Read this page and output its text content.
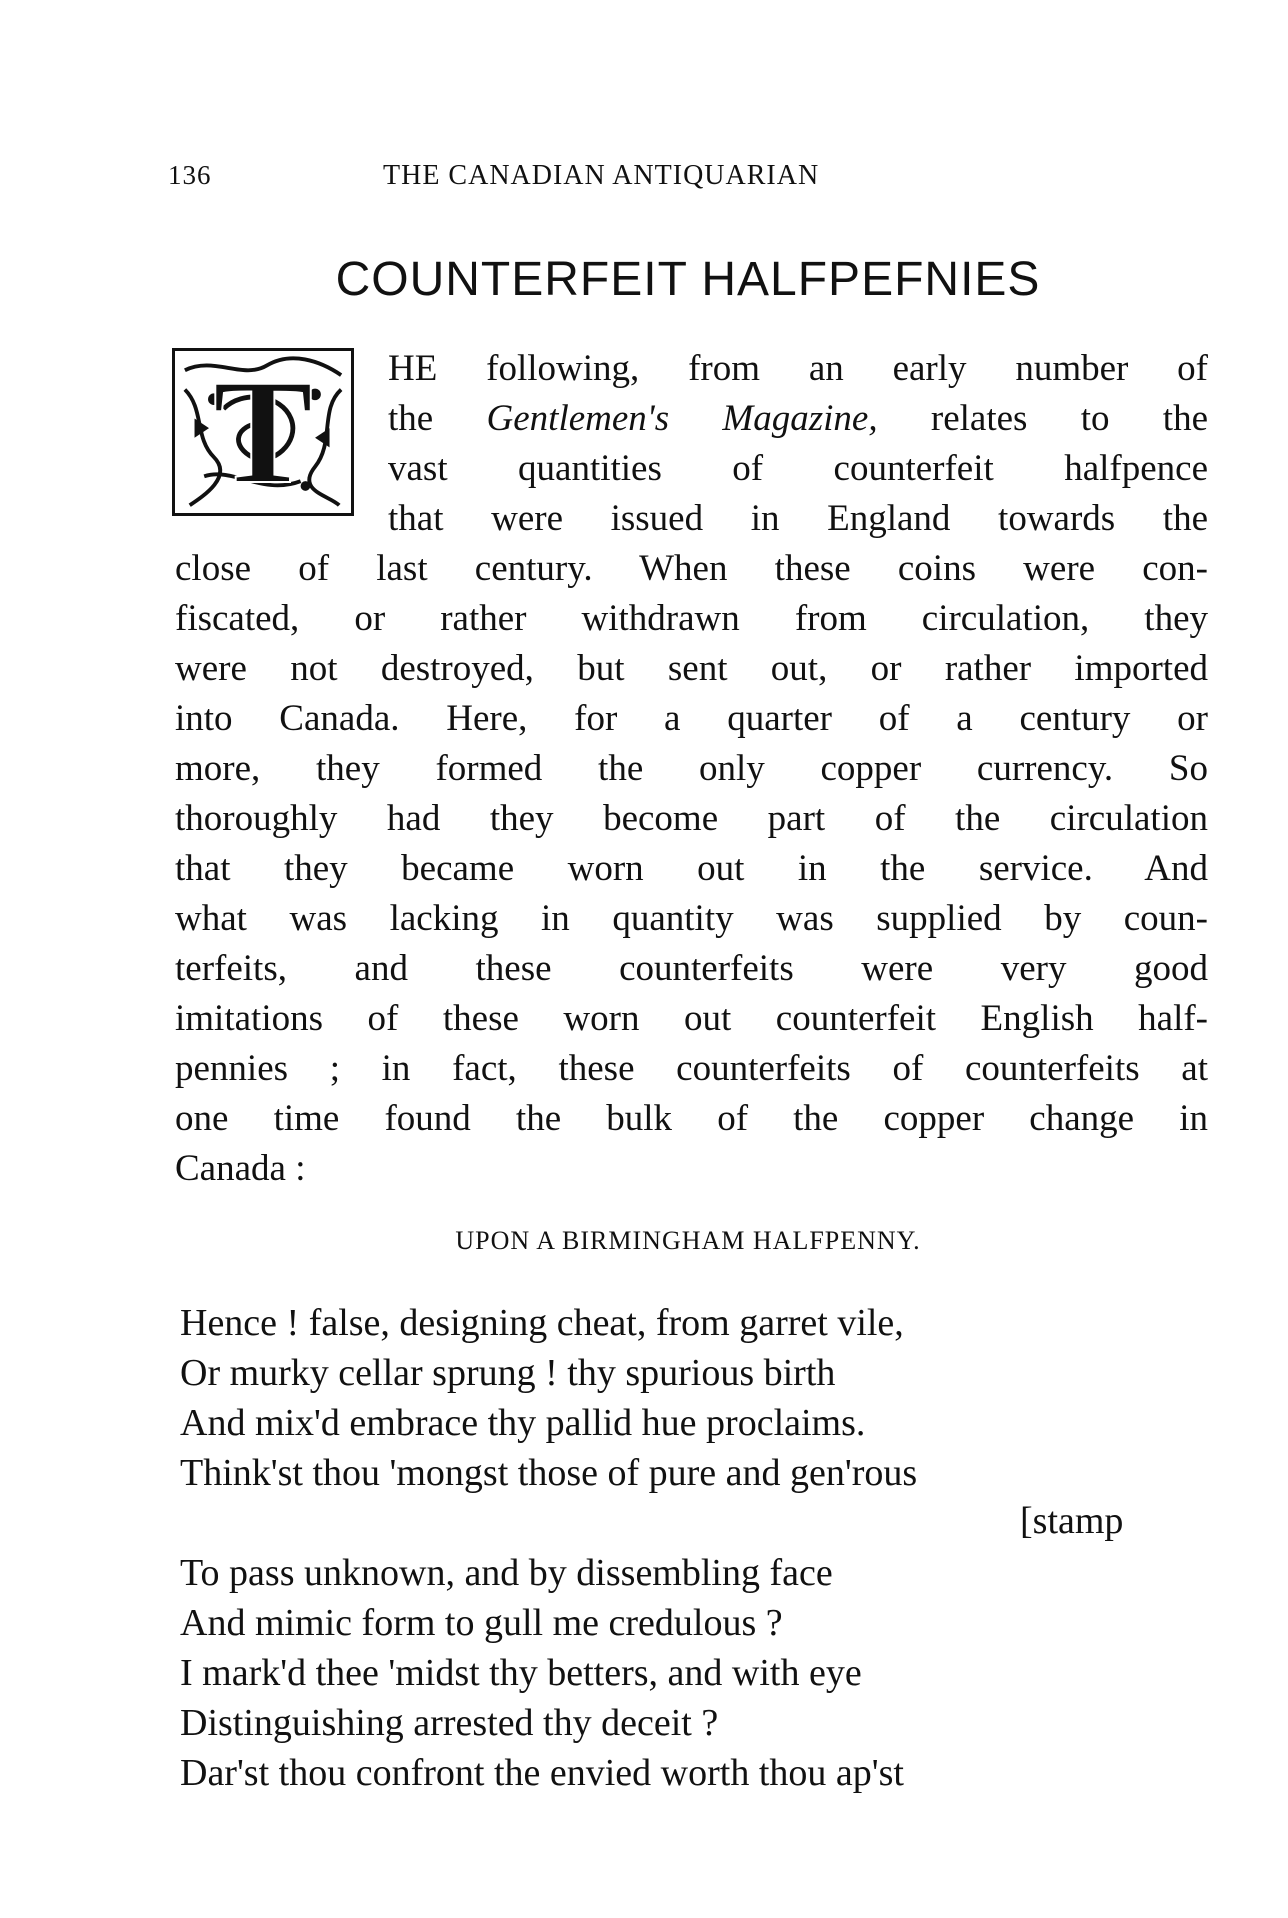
136	THE CANADIAN ANTIQUARIAN
COUNTERFEIT HALFPEFNIES
T	HE following, from an early number of
the Gentlemen's Magazine, relates to the
vast quantities of counterfeit halfpence
that were issued in England towards the
close of last century. When these coins were con-
fiscated, or rather withdrawn from circulation, they
were not destroyed, but sent out, or rather imported
into Canada. Here, for a quarter of a century or
more, they formed the only copper currency. So
thoroughly had they become part of the circulation
that they became worn out in the service. And
what was lacking in quantity was supplied by coun-
terfeits, and these counterfeits were very good
imitations of these worn out counterfeit English half-
pennies ; in fact, these counterfeits of counterfeits at
one time found the bulk of the copper change in
Canada :
UPON A BIRMINGHAM HALFPENNY.
Hence ! false, designing cheat, from garret vile,
Or murky cellar sprung ! thy spurious birth
And mix'd embrace thy pallid hue proclaims.
Think'st thou 'mongst those of pure and gen'rous
[stamp
To pass unknown, and by dissembling face
And mimic form to gull me credulous ?
I mark'd thee 'midst thy betters, and with eye
Distinguishing arrested thy deceit ?
Dar'st thou confront the envied worth thou ap'st
